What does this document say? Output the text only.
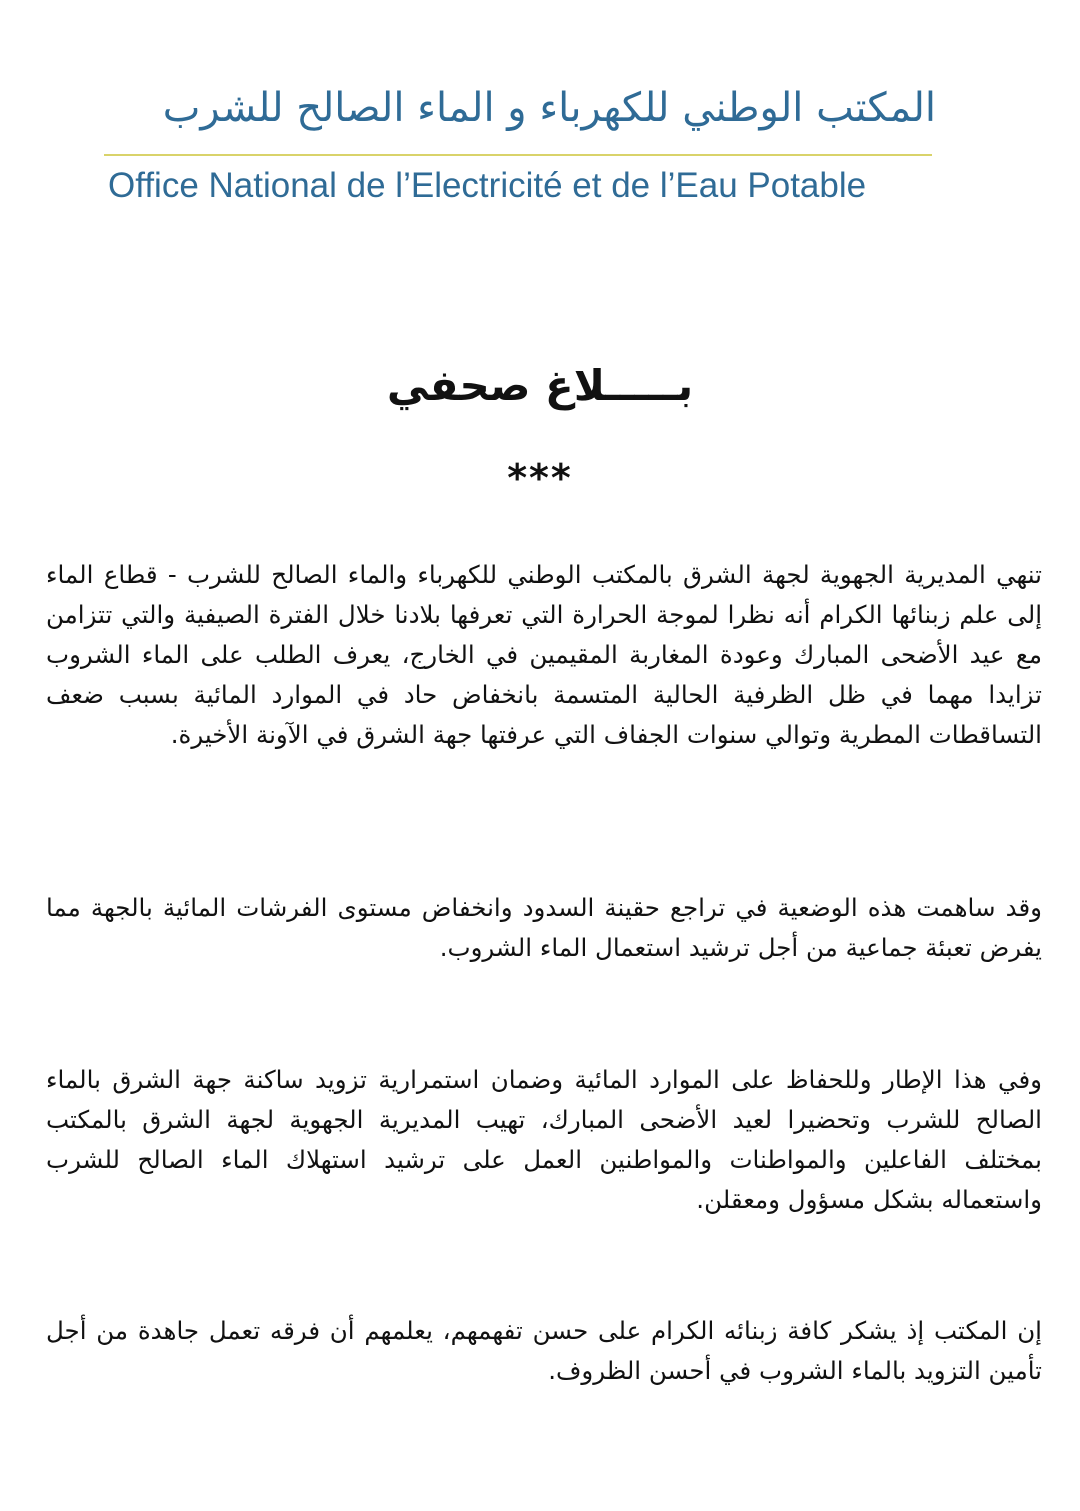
المكتب الوطني للكهرباء و الماء الصالح للشرب
Office National de l’Electricité et de l’Eau Potable
بـــــلاغ صحفي
***
تنهي المديرية الجهوية لجهة الشرق بالمكتب الوطني للكهرباء والماء الصالح للشرب - قطاع الماء إلى علم زبنائها الكرام أنه نظرا لموجة الحرارة التي تعرفها بلادنا خلال الفترة الصيفية والتي تتزامن مع عيد الأضحى المبارك وعودة المغاربة المقيمين في الخارج، يعرف الطلب على الماء الشروب تزايدا مهما في ظل الظرفية الحالية المتسمة بانخفاض حاد في الموارد المائية بسبب ضعف التساقطات المطرية وتوالي سنوات الجفاف التي عرفتها جهة الشرق في الآونة الأخيرة.
وقد ساهمت هذه الوضعية في تراجع حقينة السدود وانخفاض مستوى الفرشات المائية بالجهة مما يفرض تعبئة جماعية من أجل ترشيد استعمال الماء الشروب.
وفي هذا الإطار وللحفاظ على الموارد المائية وضمان استمرارية تزويد ساكنة جهة الشرق بالماء الصالح للشرب وتحضيرا لعيد الأضحى المبارك، تهيب المديرية الجهوية لجهة الشرق بالمكتب بمختلف الفاعلين والمواطنات والمواطنين العمل على ترشيد استهلاك الماء الصالح للشرب واستعماله بشكل مسؤول ومعقلن.
إن المكتب إذ يشكر كافة زبنائه الكرام على حسن تفهمهم، يعلمهم أن فرقه تعمل جاهدة من أجل تأمين التزويد بالماء الشروب في أحسن الظروف.
